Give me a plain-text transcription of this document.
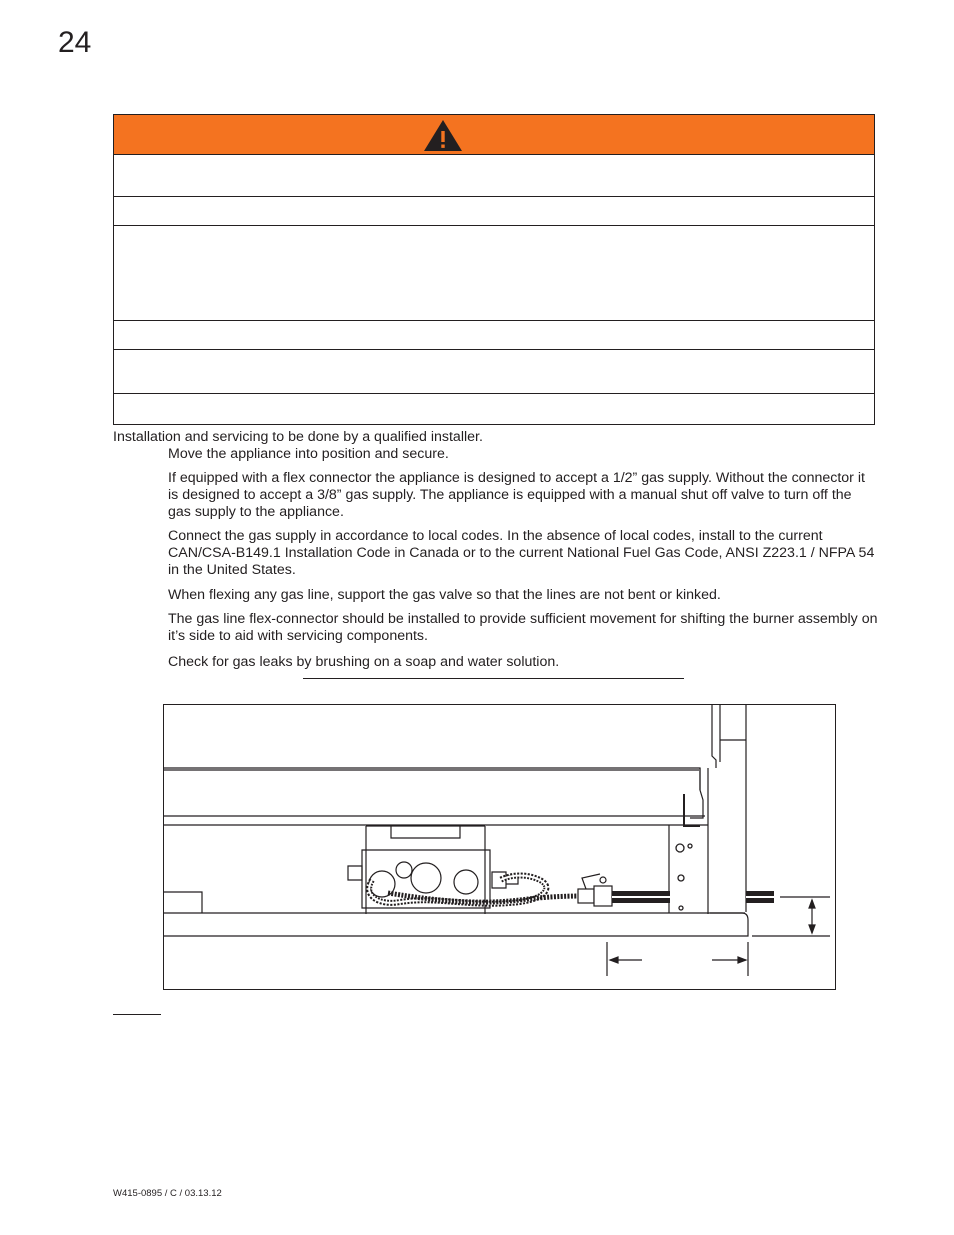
24
Installation and servicing to be done by a qualified installer.
Move the appliance into position and secure.
If equipped with a flex connector the appliance is designed to accept a 1/2” gas supply. Without the connector it is designed to accept a 3/8” gas supply. The appliance is equipped with a manual shut off valve to turn off the gas supply to the appliance.
Connect the gas supply in accordance to local codes. In the absence of local codes, install to the current CAN/CSA-B149.1 Installation Code in Canada or to the current National Fuel Gas Code, ANSI Z223.1 / NFPA 54 in the United States.
When flexing any gas line, support the gas valve so that the lines are not bent or kinked.
The gas line flex-connector should be installed to provide sufficient movement for shifting the burner assembly on it’s side to aid with servicing components.
Check for gas leaks by brushing on a soap and water solution.
W415-0895 / C / 03.13.12
